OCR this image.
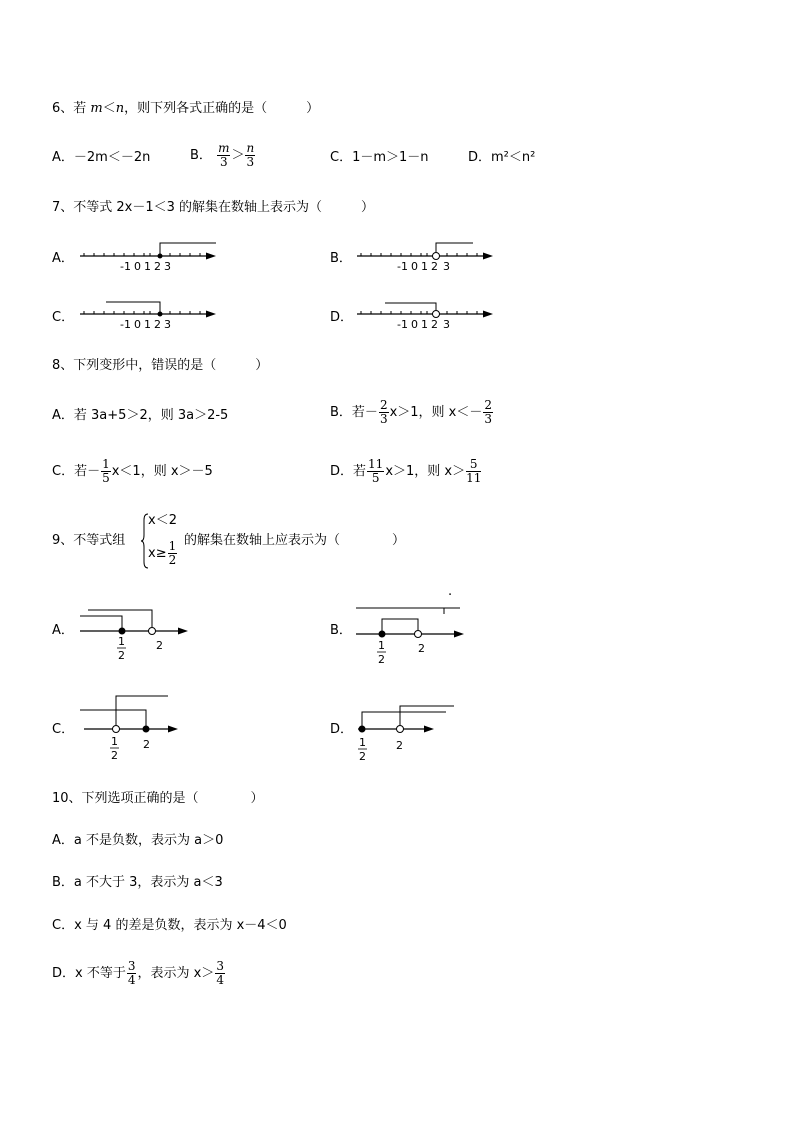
6、若 m＜n，则下列各式正确的是（　　　）
A．－2m＜－2n	B． $\frac{m}{3} > \frac{n}{3}$	C．1－m＞1－n	D．m²＜n²
7、不等式 2x－1＜3 的解集在数轴上表示为（　　　）
A．
-1 0 1 2 3
B．
-1 0 1 2 3
C．	-1 0 1 2 3	D．	-1 0 1 2 3
8、下列变形中，错误的是（　　　）
A．若 3a+5＞2，则 3a＞2-5	B．若－ $\frac{2}{3} x>1$，则 $x<- \frac{2}{3}$
C．若－ $\frac{1}{5} x<1$，则 x＞－5	D．若 $\frac{11}{5} x>1$，则 $x> \frac{5}{11}$
9、不等式组
x＜2
$x\ge \frac{1}{2}$ 的解集在数轴上应表示为（　　　　）
.
A．
1
2
2
B．
1
2
2
C．
1
2
2
D．
1
2
2
10、下列选项正确的是（　　　　）
A．a 不是负数，表示为 a＞0
B．a 不大于 3，表示为 a＜3
C．x 与 4 的差是负数，表示为 x－4＜0
D．x 不等于 $\frac{3}{4}$ ，表示为 $x> \frac{3}{4}$
